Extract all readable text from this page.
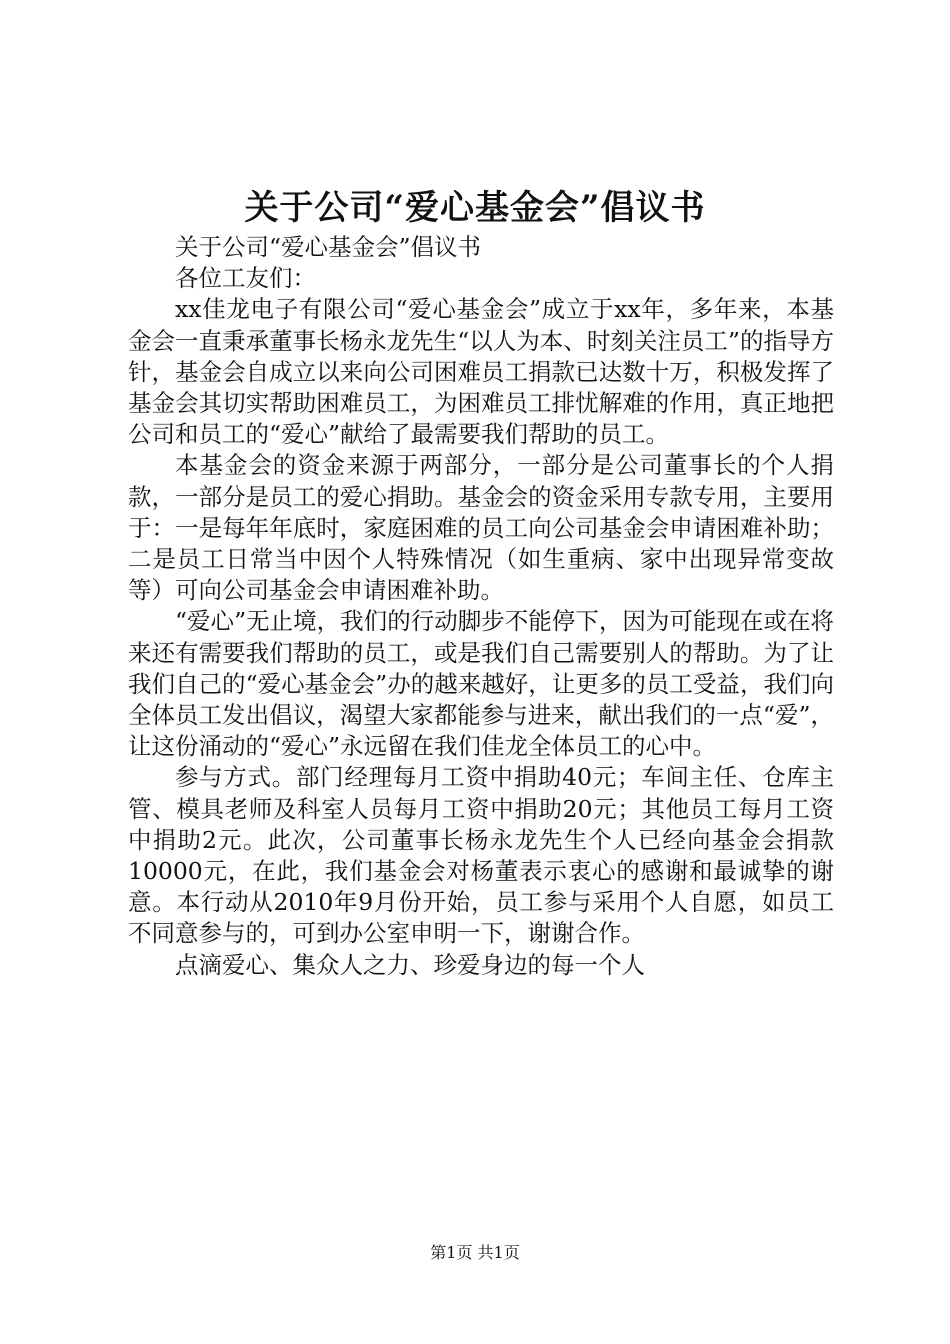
关于公司“爱心基金会”倡议书

关于公司“爱心基金会”倡议书

各位工友们：

xx佳龙电子有限公司“爱心基金会”成立于xx年，多年来，本基金会一直秉承董事长杨永龙先生“以人为本、时刻关注员工”的指导方针，基金会自成立以来向公司困难员工捐款已达数十万，积极发挥了基金会其切实帮助困难员工，为困难员工排忧解难的作用，真正地把公司和员工的“爱心”献给了最需要我们帮助的员工。

本基金会的资金来源于两部分，一部分是公司董事长的个人捐款，一部分是员工的爱心捐助。基金会的资金采用专款专用，主要用于：一是每年年底时，家庭困难的员工向公司基金会申请困难补助；二是员工日常当中因个人特殊情况（如生重病、家中出现异常变故等）可向公司基金会申请困难补助。

“爱心”无止境，我们的行动脚步不能停下，因为可能现在或在将来还有需要我们帮助的员工，或是我们自己需要别人的帮助。为了让我们自己的“爱心基金会”办的越来越好，让更多的员工受益，我们向全体员工发出倡议，渴望大家都能参与进来，献出我们的一点“爱”，让这份涌动的“爱心”永远留在我们佳龙全体员工的心中。

参与方式。部门经理每月工资中捐助40元；车间主任、仓库主管、模具老师及科室人员每月工资中捐助20元；其他员工每月工资中捐助2元。此次，公司董事长杨永龙先生个人已经向基金会捐款10000元，在此，我们基金会对杨董表示衷心的感谢和最诚挚的谢意。本行动从2010年9月份开始，员工参与采用个人自愿，如员工不同意参与的，可到办公室申明一下，谢谢合作。

点滴爱心、集众人之力、珍爱身边的每一个人

第1页 共1页
